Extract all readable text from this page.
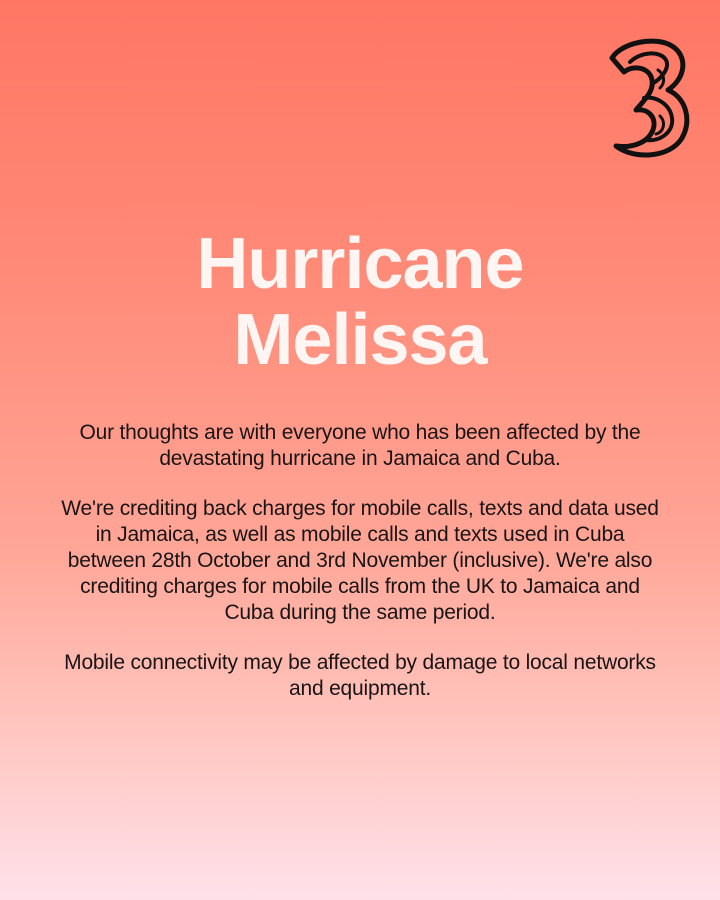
Hurricane
Melissa

Our thoughts are with everyone who has been affected by the devastating hurricane in Jamaica and Cuba.

We're crediting back charges for mobile calls, texts and data used in Jamaica, as well as mobile calls and texts used in Cuba between 28th October and 3rd November (inclusive). We're also crediting charges for mobile calls from the UK to Jamaica and Cuba during the same period.

Mobile connectivity may be affected by damage to local networks and equipment.
